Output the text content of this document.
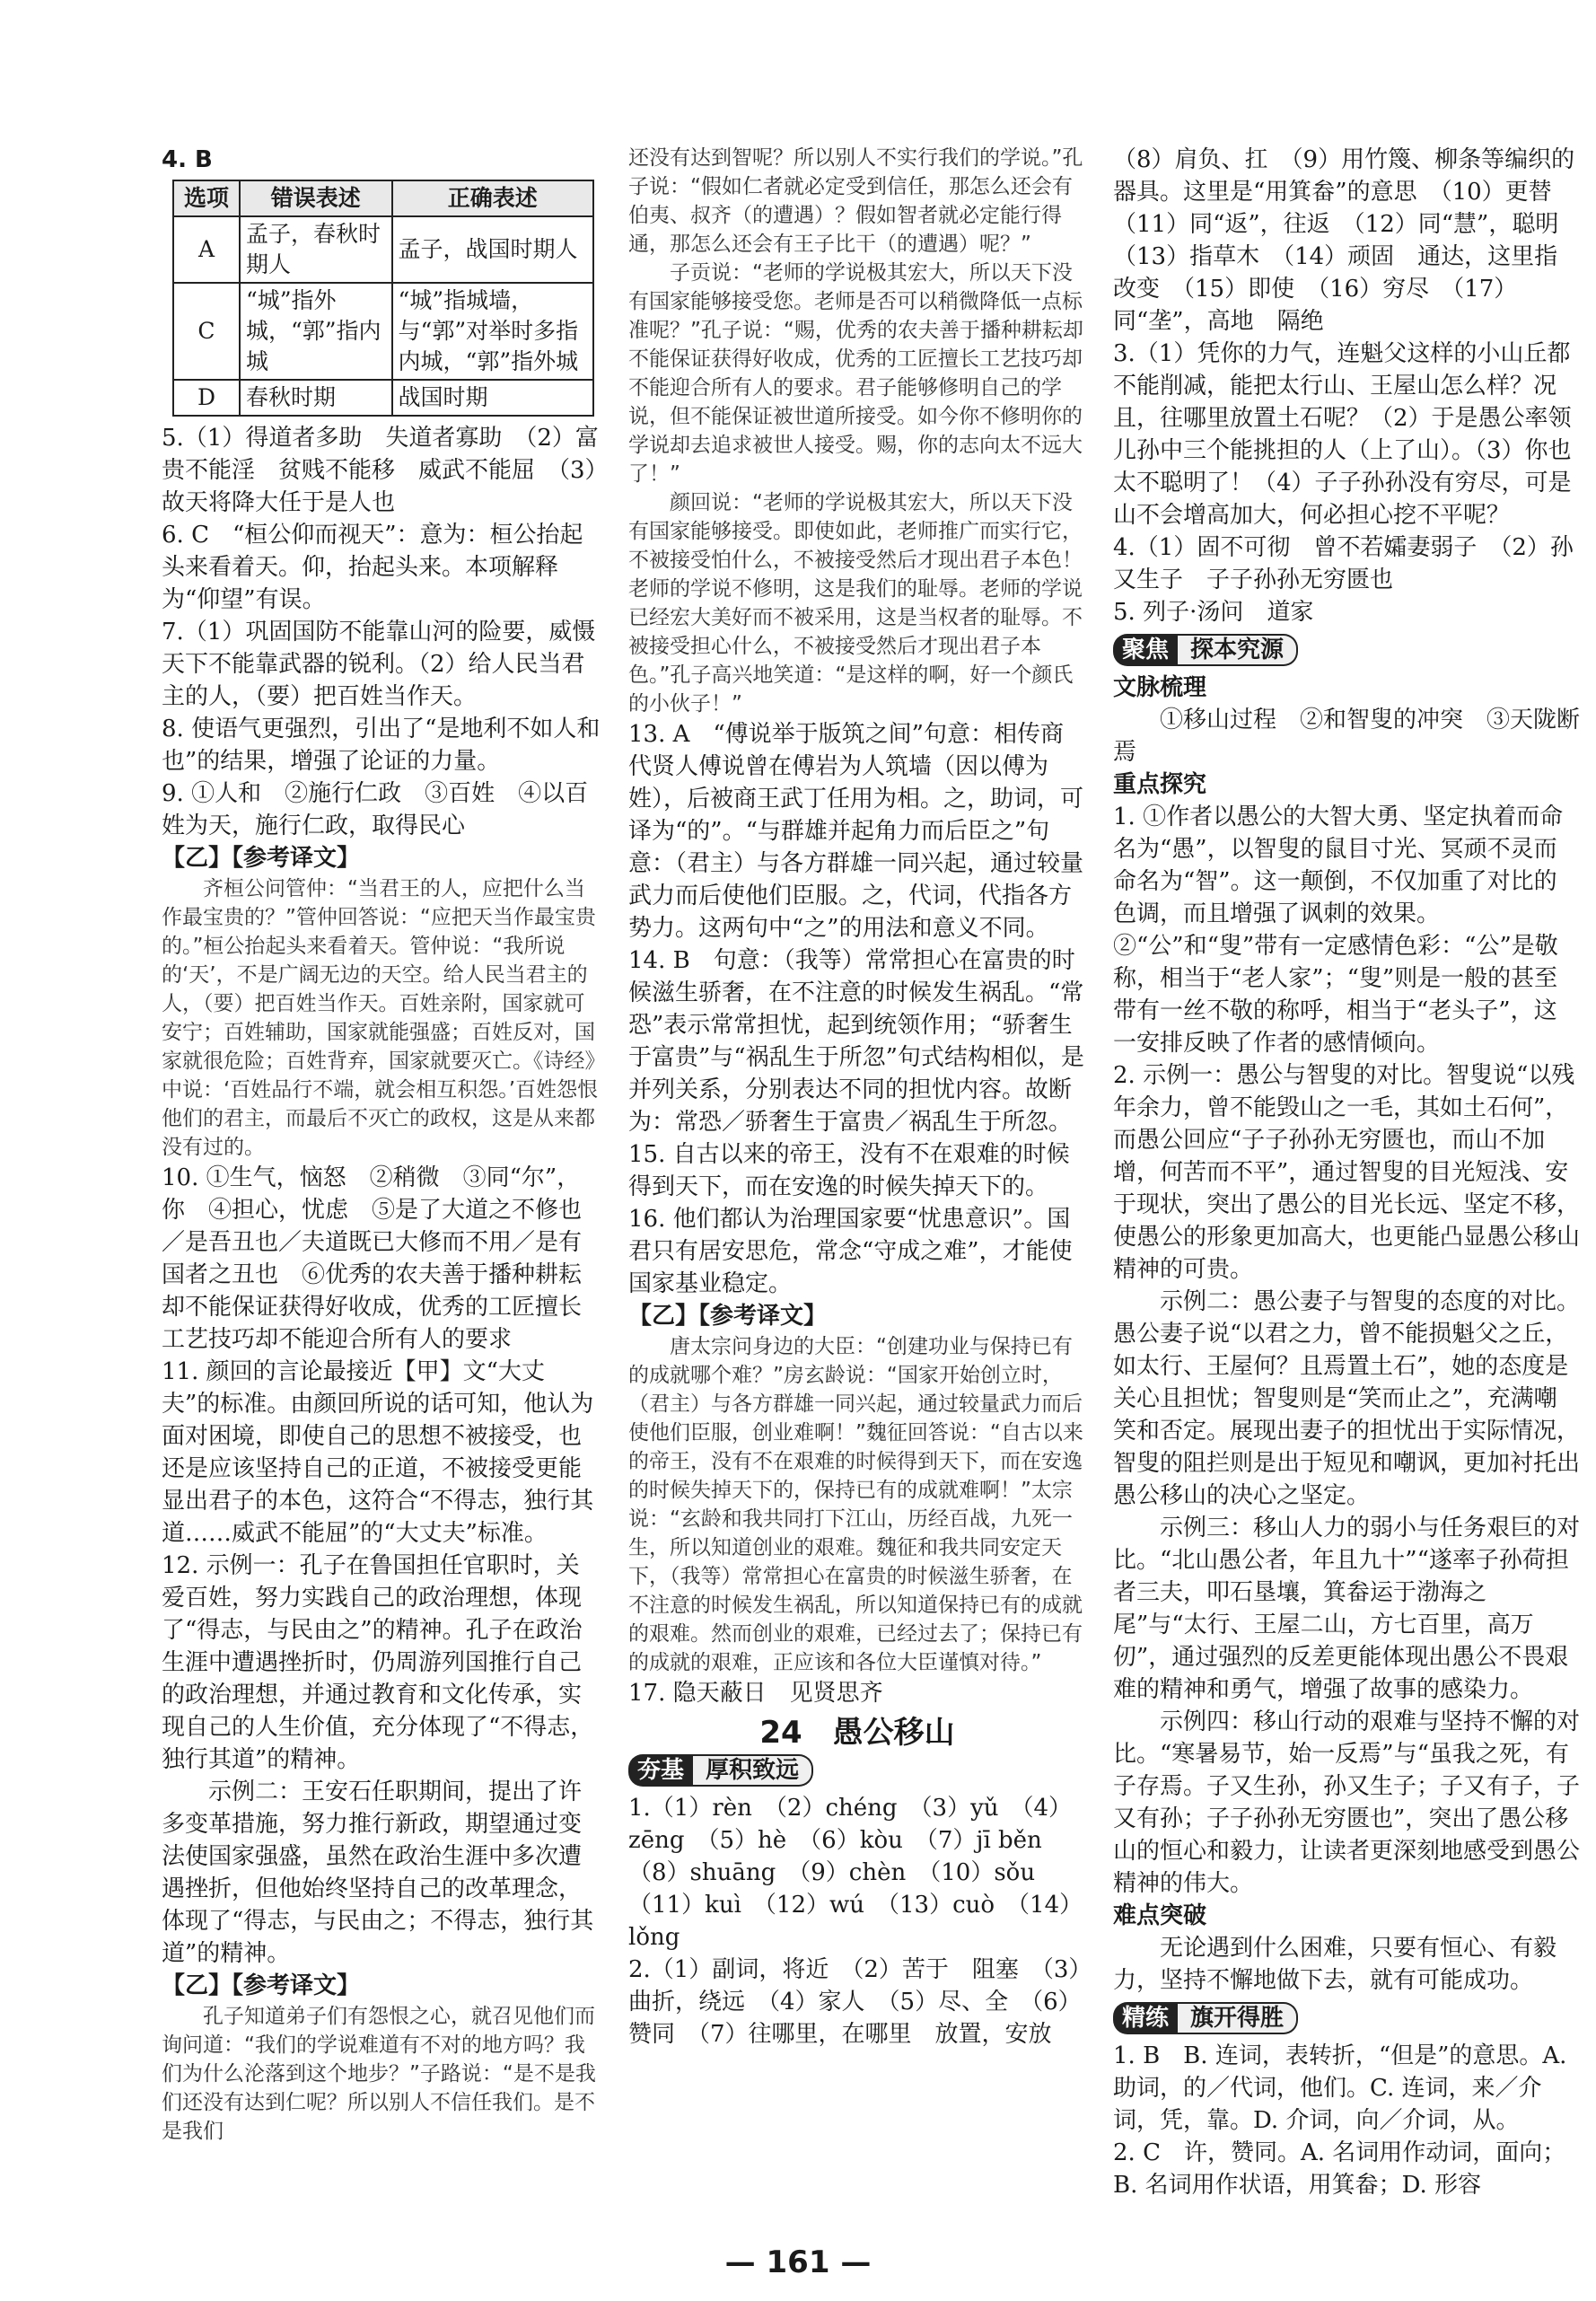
4. B

选项	错误表述	正确表述
A	孟子，春秋时期人	孟子，战国时期人
C	“城”指外城，“郭”指内城	“城”指城墙，与“郭”对举时多指内城，“郭”指外城
D	春秋时期	战国时期

5.（1）得道者多助　失道者寡助　（2）富贵不能淫　贫贱不能移　威武不能屈　（3）故天将降大任于是人也

6. C　“桓公仰而视天”：意为：桓公抬起头来看着天。仰，抬起头来。本项解释为“仰望”有误。

7.（1）巩固国防不能靠山河的险要，威慑天下不能靠武器的锐利。（2）给人民当君主的人，（要）把百姓当作天。

8. 使语气更强烈，引出了“是地利不如人和也”的结果，增强了论证的力量。

9. ①人和　②施行仁政　③百姓　④以百姓为天，施行仁政，取得民心

【乙】【参考译文】

齐桓公问管仲：“当君王的人，应把什么当作最宝贵的？”管仲回答说：“应把天当作最宝贵的。”桓公抬起头来看着天。管仲说：“我所说的‘天’，不是广阔无边的天空。给人民当君主的人，（要）把百姓当作天。百姓亲附，国家就可安宁；百姓辅助，国家就能强盛；百姓反对，国家就很危险；百姓背弃，国家就要灭亡。《诗经》中说：‘百姓品行不端，就会相互积怨。’百姓怨恨他们的君主，而最后不灭亡的政权，这是从来都没有过的。

10. ①生气，恼怒　②稍微　③同“尔”，你　④担心，忧虑　⑤是了大道之不修也／是吾丑也／夫道既已大修而不用／是有国者之丑也　⑥优秀的农夫善于播种耕耘却不能保证获得好收成，优秀的工匠擅长工艺技巧却不能迎合所有人的要求

11. 颜回的言论最接近【甲】文“大丈夫”的标准。由颜回所说的话可知，他认为面对困境，即使自己的思想不被接受，也还是应该坚持自己的正道，不被接受更能显出君子的本色，这符合“不得志，独行其道……威武不能屈”的“大丈夫”标准。

12. 示例一：孔子在鲁国担任官职时，关爱百姓，努力实践自己的政治理想，体现了“得志，与民由之”的精神。孔子在政治生涯中遭遇挫折时，仍周游列国推行自己的政治理想，并通过教育和文化传承，实现自己的人生价值，充分体现了“不得志，独行其道”的精神。

示例二：王安石任职期间，提出了许多变革措施，努力推行新政，期望通过变法使国家强盛，虽然在政治生涯中多次遭遇挫折，但他始终坚持自己的改革理念，体现了“得志，与民由之；不得志，独行其道”的精神。

【乙】【参考译文】

孔子知道弟子们有怨恨之心，就召见他们而询问道：“我们的学说难道有不对的地方吗？我们为什么沦落到这个地步？”子路说：“是不是我们还没有达到仁呢？所以别人不信任我们。是不是我们

还没有达到智呢？所以别人不实行我们的学说。”孔子说：“假如仁者就必定受到信任，那怎么还会有伯夷、叔齐（的遭遇）？假如智者就必定能行得通，那怎么还会有王子比干（的遭遇）呢？”

子贡说：“老师的学说极其宏大，所以天下没有国家能够接受您。老师是否可以稍微降低一点标准呢？”孔子说：“赐，优秀的农夫善于播种耕耘却不能保证获得好收成，优秀的工匠擅长工艺技巧却不能迎合所有人的要求。君子能够修明自己的学说，但不能保证被世道所接受。如今你不修明你的学说却去追求被世人接受。赐，你的志向太不远大了！”

颜回说：“老师的学说极其宏大，所以天下没有国家能够接受。即使如此，老师推广而实行它，不被接受怕什么，不被接受然后才现出君子本色！老师的学说不修明，这是我们的耻辱。老师的学说已经宏大美好而不被采用，这是当权者的耻辱。不被接受担心什么，不被接受然后才现出君子本色。”孔子高兴地笑道：“是这样的啊，好一个颜氏的小伙子！”

13. A　“傅说举于版筑之间”句意：相传商代贤人傅说曾在傅岩为人筑墙（因以傅为姓），后被商王武丁任用为相。之，助词，可译为“的”。“与群雄并起角力而后臣之”句意：（君主）与各方群雄一同兴起，通过较量武力而后使他们臣服。之，代词，代指各方势力。这两句中“之”的用法和意义不同。

14. B　句意：（我等）常常担心在富贵的时候滋生骄奢，在不注意的时候发生祸乱。“常恐”表示常常担忧，起到统领作用；“骄奢生于富贵”与“祸乱生于所忽”句式结构相似，是并列关系，分别表达不同的担忧内容。故断为：常恐／骄奢生于富贵／祸乱生于所忽。

15. 自古以来的帝王，没有不在艰难的时候得到天下，而在安逸的时候失掉天下的。

16. 他们都认为治理国家要“忧患意识”。国君只有居安思危，常念“守成之难”，才能使国家基业稳定。

【乙】【参考译文】

唐太宗问身边的大臣：“创建功业与保持已有的成就哪个难？”房玄龄说：“国家开始创立时，（君主）与各方群雄一同兴起，通过较量武力而后使他们臣服，创业难啊！”魏征回答说：“自古以来的帝王，没有不在艰难的时候得到天下，而在安逸的时候失掉天下的，保持已有的成就难啊！”太宗说：“玄龄和我共同打下江山，历经百战，九死一生，所以知道创业的艰难。魏征和我共同安定天下，（我等）常常担心在富贵的时候滋生骄奢，在不注意的时候发生祸乱，所以知道保持已有的成就的艰难。然而创业的艰难，已经过去了；保持已有的成就的艰难，正应该和各位大臣谨慎对待。”

17. 隐天蔽日　见贤思齐

24　愚公移山
夯基 厚积致远

1.（1）rèn　（2）chéng　（3）yǔ　（4）zēng　（5）hè　（6）kòu　（7）jī běn　（8）shuāng　（9）chèn　（10）sǒu　（11）kuì　（12）wú　（13）cuò　（14）lǒng

2.（1）副词，将近　（2）苦于　阻塞　（3）曲折，绕远　（4）家人　（5）尽、全　（6）赞同　（7）往哪里，在哪里　放置，安放

（8）肩负、扛　（9）用竹篾、柳条等编织的器具。这里是“用箕畚”的意思　（10）更替　（11）同“返”，往返　（12）同“慧”，聪明　（13）指草木　（14）顽固　通达，这里指改变　（15）即使　（16）穷尽　（17）同“垄”，高地　隔绝

3.（1）凭你的力气，连魁父这样的小山丘都不能削减，能把太行山、王屋山怎么样？况且，往哪里放置土石呢？（2）于是愚公率领儿孙中三个能挑担的人（上了山）。（3）你也太不聪明了！（4）子子孙孙没有穷尽，可是山不会增高加大，何必担心挖不平呢？

4.（1）固不可彻　曾不若孀妻弱子　（2）孙又生子　子子孙孙无穷匮也

5. 列子·汤问　道家

聚焦 探本究源

文脉梳理

①移山过程　②和智叟的冲突　③天陇断焉

重点探究

1. ①作者以愚公的大智大勇、坚定执着而命名为“愚”，以智叟的鼠目寸光、冥顽不灵而命名为“智”。这一颠倒，不仅加重了对比的色调，而且增强了讽刺的效果。②“公”和“叟”带有一定感情色彩：“公”是敬称，相当于“老人家”；“叟”则是一般的甚至带有一丝不敬的称呼，相当于“老头子”，这一安排反映了作者的感情倾向。

2. 示例一：愚公与智叟的对比。智叟说“以残年余力，曾不能毁山之一毛，其如土石何”，而愚公回应“子子孙孙无穷匮也，而山不加增，何苦而不平”，通过智叟的目光短浅、安于现状，突出了愚公的目光长远、坚定不移，使愚公的形象更加高大，也更能凸显愚公移山精神的可贵。

示例二：愚公妻子与智叟的态度的对比。愚公妻子说“以君之力，曾不能损魁父之丘，如太行、王屋何？且焉置土石”，她的态度是关心且担忧；智叟则是“笑而止之”，充满嘲笑和否定。展现出妻子的担忧出于实际情况，智叟的阻拦则是出于短见和嘲讽，更加衬托出愚公移山的决心之坚定。

示例三：移山人力的弱小与任务艰巨的对比。“北山愚公者，年且九十”“遂率子孙荷担者三夫，叩石垦壤，箕畚运于渤海之尾”与“太行、王屋二山，方七百里，高万仞”，通过强烈的反差更能体现出愚公不畏艰难的精神和勇气，增强了故事的感染力。

示例四：移山行动的艰难与坚持不懈的对比。“寒暑易节，始一反焉”与“虽我之死，有子存焉。子又生孙，孙又生子；子又有子，子又有孙；子子孙孙无穷匮也”，突出了愚公移山的恒心和毅力，让读者更深刻地感受到愚公精神的伟大。

难点突破

无论遇到什么困难，只要有恒心、有毅力，坚持不懈地做下去，就有可能成功。

精练 旗开得胜

1. B　B. 连词，表转折，“但是”的意思。A. 助词，的／代词，他们。C. 连词，来／介词，凭，靠。D. 介词，向／介词，从。

2. C　许，赞同。A. 名词用作动词，面向；B. 名词用作状语，用箕畚；D. 形容

— 161 —
